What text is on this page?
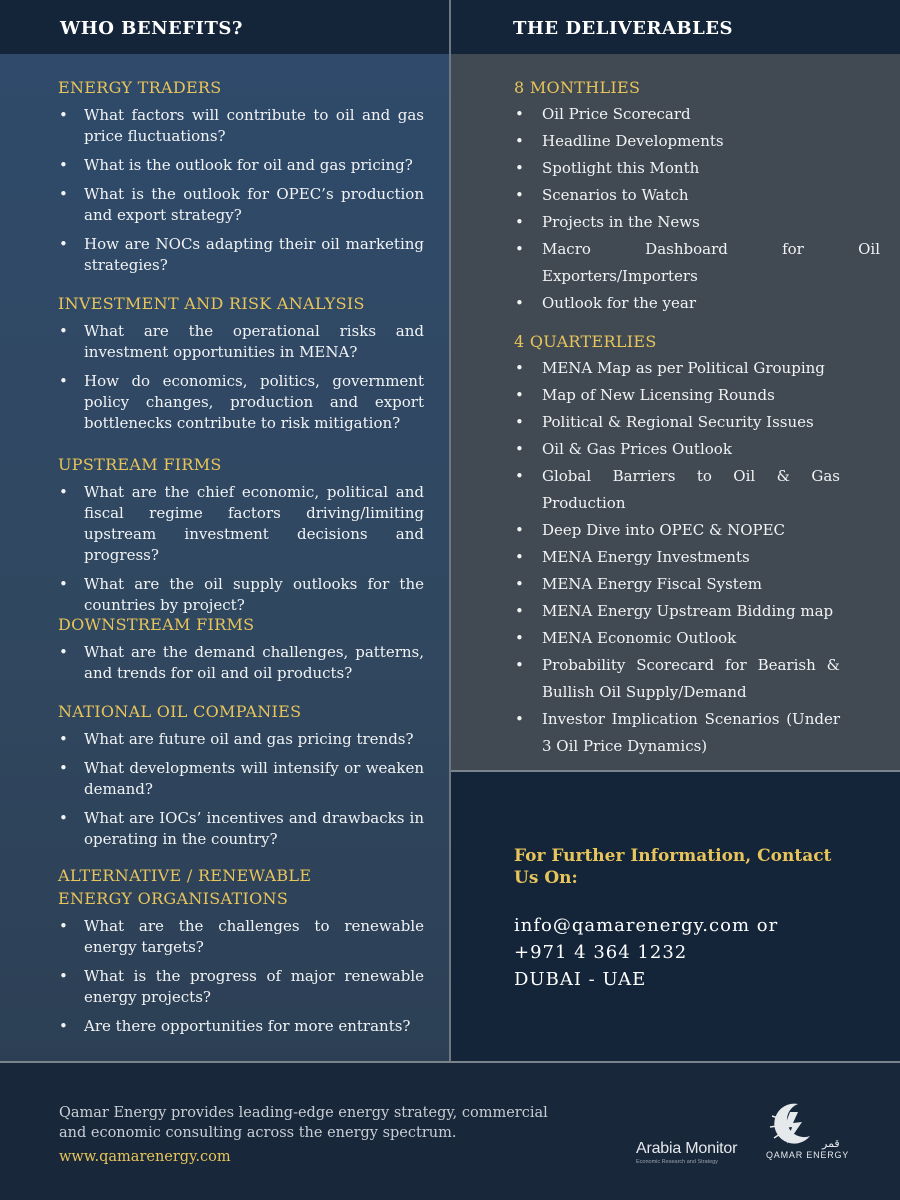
WHO BENEFITS?	THE DELIVERABLES
ENERGY TRADERS
• What factors will contribute to oil and gas price fluctuations?
• What is the outlook for oil and gas pricing?
• What is the outlook for OPEC’s production and export strategy?
• How are NOCs adapting their oil marketing strategies?
INVESTMENT AND RISK ANALYSIS
• What are the operational risks and investment opportunities in MENA?
• How do economics, politics, government policy changes, production and export bottlenecks contribute to risk mitigation?
UPSTREAM FIRMS
• What are the chief economic, political and fiscal regime factors driving/limiting upstream investment decisions and progress?
• What are the oil supply outlooks for the countries by project?
DOWNSTREAM FIRMS
• What are the demand challenges, patterns, and trends for oil and oil products?
NATIONAL OIL COMPANIES
• What are future oil and gas pricing trends?
• What developments will intensify or weaken demand?
• What are IOCs’ incentives and drawbacks in operating in the country?
ALTERNATIVE / RENEWABLE ENERGY ORGANISATIONS
• What are the challenges to renewable energy targets?
• What is the progress of major renewable energy projects?
• Are there opportunities for more entrants?
8 MONTHLIES
• Oil Price Scorecard
• Headline Developments
• Spotlight this Month
• Scenarios to Watch
• Projects in the News
• Macro Dashboard for Oil Exporters/Importers
• Outlook for the year
4 QUARTERLIES
• MENA Map as per Political Grouping
• Map of New Licensing Rounds
• Political & Regional Security Issues
• Oil & Gas Prices Outlook
• Global Barriers to Oil & Gas Production
• Deep Dive into OPEC & NOPEC
• MENA Energy Investments
• MENA Energy Fiscal System
• MENA Energy Upstream Bidding map
• MENA Economic Outlook
• Probability Scorecard for Bearish & Bullish Oil Supply/Demand
• Investor Implication Scenarios (Under 3 Oil Price Dynamics)
For Further Information, Contact Us On:
info@qamarenergy.com or
+971 4 364 1232
DUBAI - UAE
Qamar Energy provides leading-edge energy strategy, commercial and economic consulting across the energy spectrum.
www.qamarenergy.com	Arabia Monitor
Economic Research and Strategy
قمر
QAMAR ENERGY
